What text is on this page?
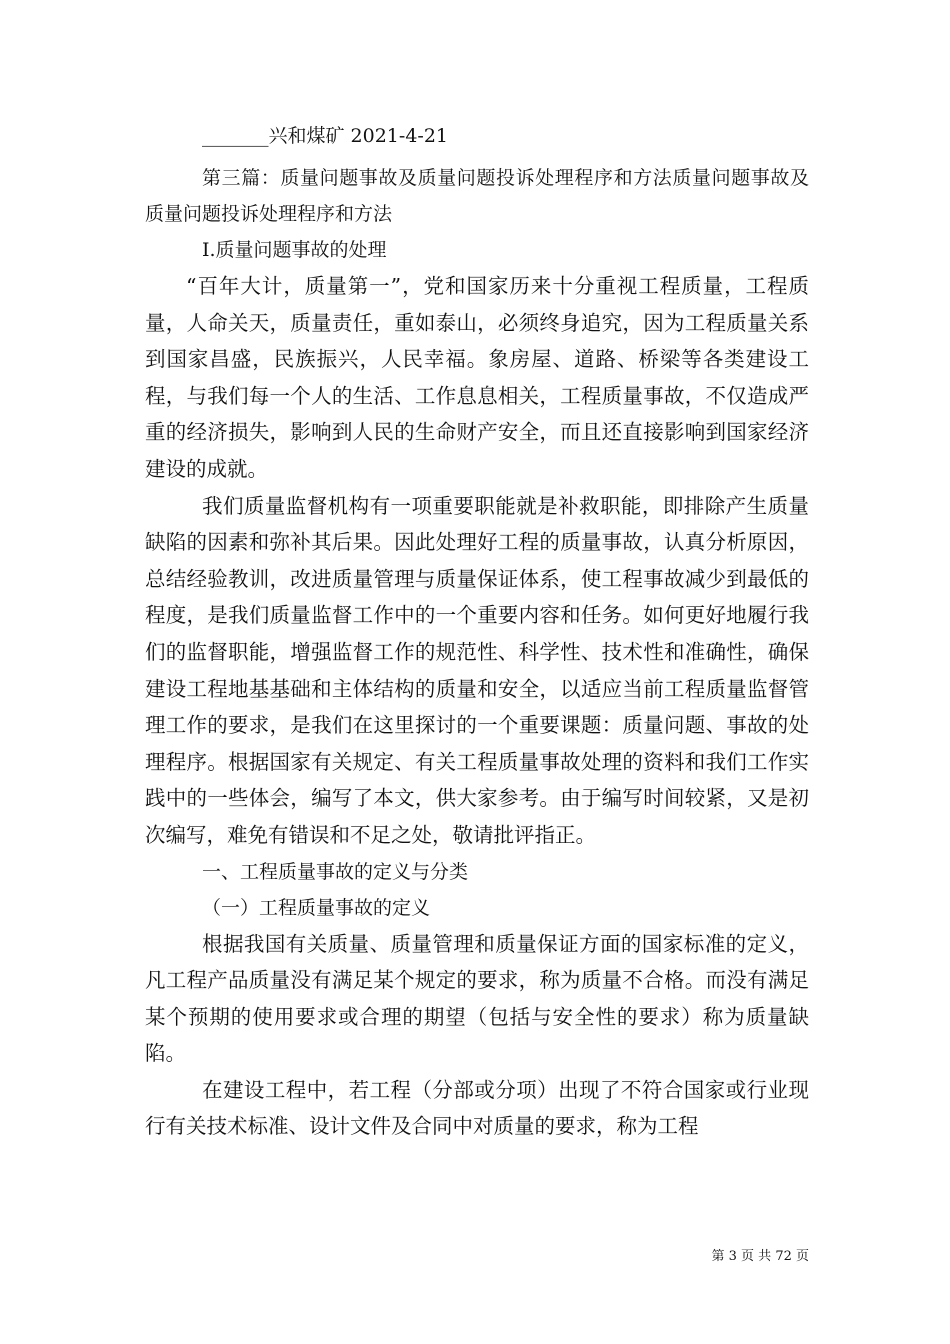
_______兴和煤矿 2021-4-21

第三篇：质量问题事故及质量问题投诉处理程序和方法质量问题事故及质量问题投诉处理程序和方法

Ⅰ.质量问题事故的处理

“百年大计，质量第一”，党和国家历来十分重视工程质量，工程质量，人命关天，质量责任，重如泰山，必须终身追究，因为工程质量关系到国家昌盛，民族振兴，人民幸福。象房屋、道路、桥梁等各类建设工程，与我们每一个人的生活、工作息息相关，工程质量事故，不仅造成严重的经济损失，影响到人民的生命财产安全，而且还直接影响到国家经济建设的成就。

我们质量监督机构有一项重要职能就是补救职能，即排除产生质量缺陷的因素和弥补其后果。因此处理好工程的质量事故，认真分析原因，总结经验教训，改进质量管理与质量保证体系，使工程事故减少到最低的程度，是我们质量监督工作中的一个重要内容和任务。如何更好地履行我们的监督职能，增强监督工作的规范性、科学性、技术性和准确性，确保建设工程地基基础和主体结构的质量和安全，以适应当前工程质量监督管理工作的要求，是我们在这里探讨的一个重要课题：质量问题、事故的处理程序。根据国家有关规定、有关工程质量事故处理的资料和我们工作实践中的一些体会，编写了本文，供大家参考。由于编写时间较紧，又是初次编写，难免有错误和不足之处，敬请批评指正。

一、工程质量事故的定义与分类
（一）工程质量事故的定义

根据我国有关质量、质量管理和质量保证方面的国家标准的定义，凡工程产品质量没有满足某个规定的要求，称为质量不合格。而没有满足某个预期的使用要求或合理的期望（包括与安全性的要求）称为质量缺陷。

在建设工程中，若工程（分部或分项）出现了不符合国家或行业现行有关技术标准、设计文件及合同中对质量的要求，称为工程

第 3 页 共 72 页
